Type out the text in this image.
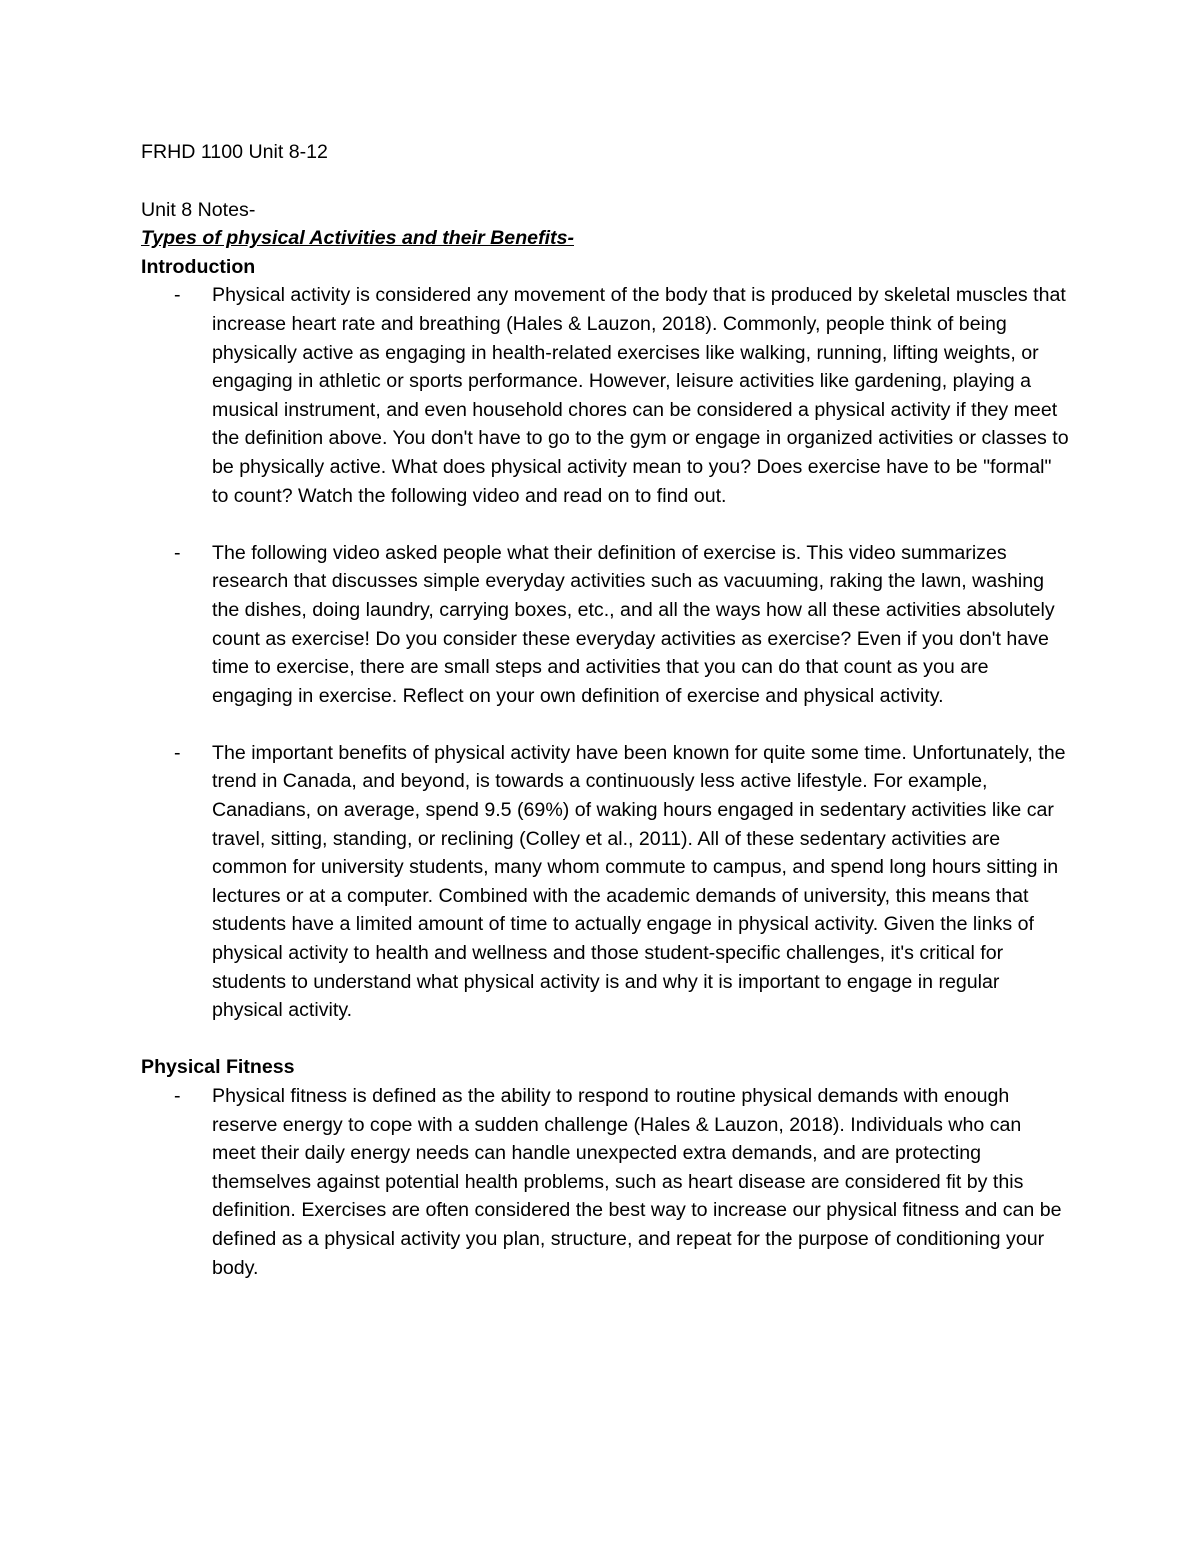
FRHD 1100 Unit 8-12

Unit 8 Notes-

Types of physical Activities and their Benefits-

Introduction

- Physical activity is considered any movement of the body that is produced by skeletal muscles that increase heart rate and breathing (Hales & Lauzon, 2018). Commonly, people think of being physically active as engaging in health-related exercises like walking, running, lifting weights, or engaging in athletic or sports performance. However, leisure activities like gardening, playing a musical instrument, and even household chores can be considered a physical activity if they meet the definition above. You don't have to go to the gym or engage in organized activities or classes to be physically active. What does physical activity mean to you? Does exercise have to be "formal" to count? Watch the following video and read on to find out.
- The following video asked people what their definition of exercise is. This video summarizes research that discusses simple everyday activities such as vacuuming, raking the lawn, washing the dishes, doing laundry, carrying boxes, etc., and all the ways how all these activities absolutely count as exercise! Do you consider these everyday activities as exercise? Even if you don't have time to exercise, there are small steps and activities that you can do that count as you are engaging in exercise. Reflect on your own definition of exercise and physical activity.
- The important benefits of physical activity have been known for quite some time. Unfortunately, the trend in Canada, and beyond, is towards a continuously less active lifestyle. For example, Canadians, on average, spend 9.5 (69%) of waking hours engaged in sedentary activities like car travel, sitting, standing, or reclining (Colley et al., 2011). All of these sedentary activities are common for university students, many whom commute to campus, and spend long hours sitting in lectures or at a computer. Combined with the academic demands of university, this means that students have a limited amount of time to actually engage in physical activity. Given the links of physical activity to health and wellness and those student-specific challenges, it's critical for students to understand what physical activity is and why it is important to engage in regular physical activity.

Physical Fitness

- Physical fitness is defined as the ability to respond to routine physical demands with enough reserve energy to cope with a sudden challenge (Hales & Lauzon, 2018). Individuals who can meet their daily energy needs can handle unexpected extra demands, and are protecting themselves against potential health problems, such as heart disease are considered fit by this definition. Exercises are often considered the best way to increase our physical fitness and can be defined as a physical activity you plan, structure, and repeat for the purpose of conditioning your body.
